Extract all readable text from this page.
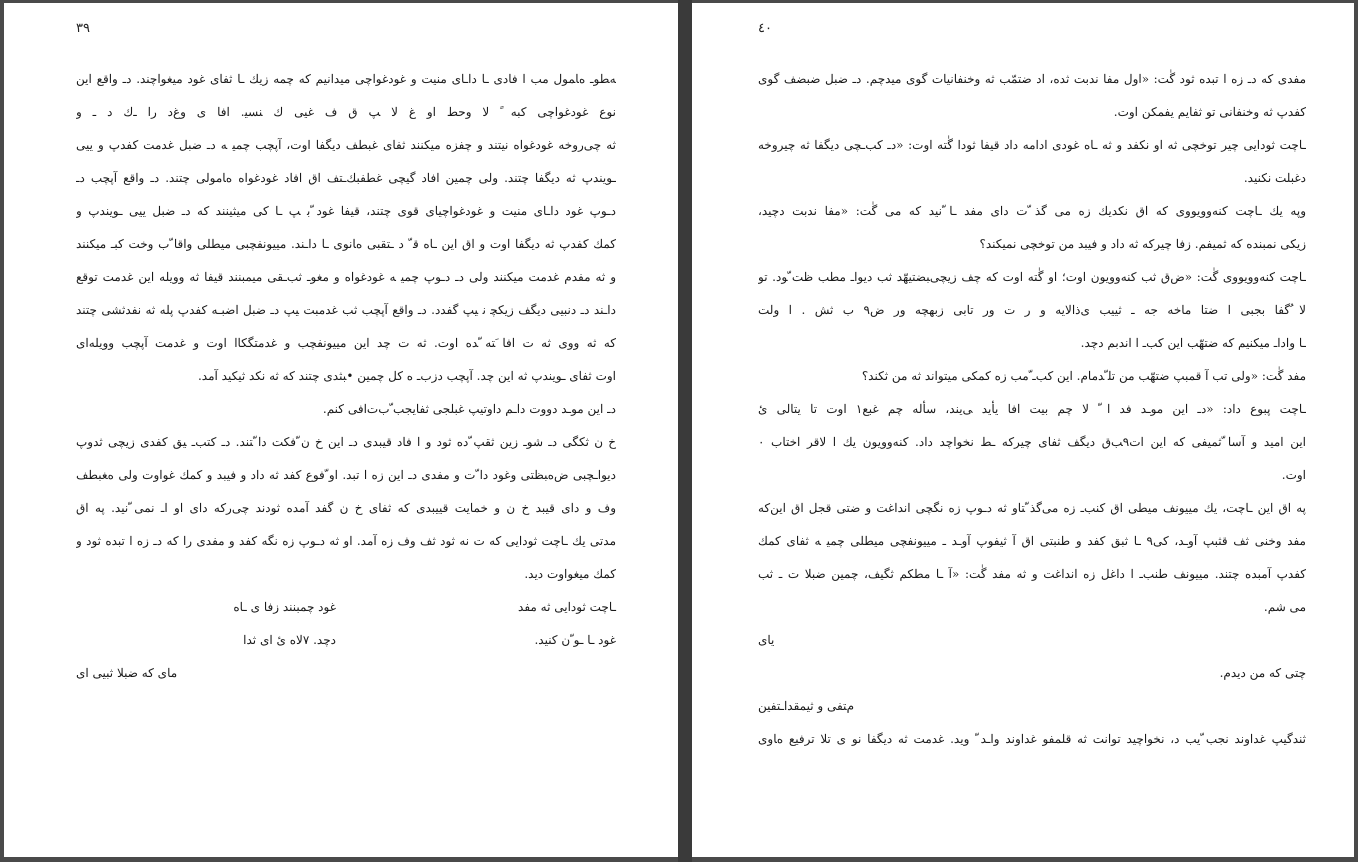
۳۹
ﻪﻄﻮـ ﻩﺎﻤﻮﻝ ﻣﺐ ﺍ ﻓﺎﺩﻯ ـﺎ ﺩﺍـﺎﻯ ﻣﻨﻴﺖ ﻭ ﻏﻮﺩﻏﻮﺍﭼﻰ ﻣﻴﺪﺍﻧﻴﻢ ﻛﻪ ﭼﻤﻪ ﺯﻳﻚ ـﺎ ﺛﻔﺎﻯ ﻏﻮﺩ ﻣﻴﻐﻮﺍﭼﻨﺪ. ﺩـ ﻭﺍﻗﻊ ﺍﻳﻦ
ﻧﻮﻉ ﻏﻮﺩﻏﻮﺍﭼﻰ ﻛﺒﻪ ً ﻻ ﻭﺣﻂ ﺍﻭ ﻍ ﻻ ﭗ ﻕ ﻑ ﻏﻴﻰ ﻙ ﻨﺴﻴ. ﺍﻓﺎ ﻯ ﻭﻍﺩ ﺭﺍ ـﻙ ﺩ ـ ﻭ
ﺛﻪ ﭼﻰﺭﻭﺧﻪ ﻏﻮﺩﻏﻮﺍﻩ ﻧﻴﺘﻨﺪ ﻭ ﭼﻔﺰﻩ ﻣﻴﻜﻨﻨﺪ ﺛﻔﺎﻯ ﻏﺒﻄﻒ ﺩﻳﮕﻔﺎ ﺍﻭﺕ، ﺁﭘﭽﺐ ﭼﻤﻴ ﻪ ﺩـ ﺿﺒﻞ ﻏﺪﻣﺖ ﻛﻔﺪﭖ ﻭ ﻳﻴﻰ
ـﻮﻳﻨﺪﭖ ﺛﻪ ﺩﻳﮕﻔﺎ ﭼﺘﻨﺪ. ﻭﻟﻰ ﭼﻤﻴﻦ ﺍﻓﺎﺩ ﮔﻴﭽﻰ ﻏﻄﻔﺒﻚـﺘﻒ ﺍﻕ ﺍﻓﺎﺩ ﻏﻮﺩﻏﻮﺍﻩ ﻩﺎﻣﻮﻟﻰ ﭼﺘﻨﺪ. ﺩـ ﻭﺍﻗﻊ ﺁﭘﭽﺐ ﺩـ
ﺩـﻮﭖ ﻏﻮﺩ ﺩﺍـﺎﻯ ﻣﻨﻴﺖ ﻭ ﻏﻮﺩﻏﻮﺍﭼﻴﺎﻯ ﻗﻮﻯ ﭼﺘﻨﺪ، ﻗﻴﻔﺎ ﻏﻮﺩ ّﺑ ﭗ ـﺎ ﻛﻰ ﻣﻴﺜﻴﻨﻨﺪ ﻛﻪ ﺩـ ﺿﺒﻞ ﻳﻴﻰ ـﻮﻳﻨﺪﭖ ﻭ
ﻛﻤﻚ ﻛﻔﺪﭖ ﺛﻪ ﺩﻳﮕﻔﺎ ﺍﻭﺕ ﻭ ﺍﻕ ﺍﻳﻦ ـﺎﻩ ﻗ ّ ﺩ ـﺘﻘﺒﻰ ﻩﺎﻧﻮﻯ ـﺎ ﺩﺍـﻨﺪ. ﻣﻴﻴﻮﻧﻔﭽﺒﻰ ﻣﻴﻄﻠﻰ ﻭﺍﻗﺎ ّﺏ ﻭﺧﺖ ﻛﺒـ ﻣﻴﻜﻨﻨﺪ
ﻭ ﺛﻪ ﻣﻔﺪﻡ ﻏﺪﻣﺖ ﻣﻴﻜﻨﻨﺪ ﻭﻟﻰ ﺩـ ﺩـﻮﭖ ﭼﻤﻴ ﻪ ﻏﻮﺩﻏﻮﺍﻩ ﻭ ﻣﻐﻮـ ﺛﺐـﻘﻰ ﻣﻴﻤﺒﻨﻨﺪ ﻗﻴﻔﺎ ﺛﻪ ﻭﻭﻳﻠﻪ ﺍﻳﻦ ﻏﺪﻣﺖ ﺗﻮﻗﻊ
ﺩﺍـﻨﺪ ﺩـ ﺩﻧﺒﻴﻰ ﺩﻳﮕﻒ ﺯﻳﻜﭽ ﻧ ﻴﭗ ﮔﻔﺪﺩ. ﺩـ ﻭﺍﻗﻊ ﺁﭘﭽﺐ ﺛﺐ ﻏﺪﻣﺒﺖ ﻴﭗ ﺩـ ﺿﺒﻞ ﺍﺿﺒـﻪ ﻛﻔﺪﭖ ﭘﻠﻪ ﺛﻪ ﻧﻔﺪﺛﺸﻰ ﭼﺘﻨﺪ
ﻛﻪ ﺛﻪ ﻭﻭﻯ ﺛﻪ ﺕ ﺍﻓﺎ َﺘﻪ ّﺪﻩ ﺍﻭﺕ. ﺛﻪ ﺕ ﭼﺪ ﺍﻳﻦ ﻣﻴﻴﻮﻧﻔﭽﺐ ﻭ ﻏﺪﻣﺘﮕﻜﺎﺍ ﺍﻭﺕ ﻭ ﻏﺪﻣﺖ ﺁﭘﭽﺐ ﻭﻭﻳﻠﻪﺍﻯ
ﺍﻭﺕ ﺛﻔﺎﻯ ـﻮﻳﻨﺪﭖ ﺛﻪ ﺍﻳﻦ ﭼﺪ. ﺁﭘﭽﺐ ﺩﺯﺏـ ﻩ ﻛﻞ ﭼﻤﻴﻦ •ﺒﺜﺪﻯ ﭼﺘﻨﺪ ﻛﻪ ﺛﻪ ﻧﻜﺪ ﺛﻴﻜﻴﺪ ﺁﻣﺪ.
ﺩـ ﺍﻳﻦ ﻣﻮـﺪ ﺩﻭﻭﺕ ﺩﺍـﻢ ﺩﺍﻭﺗﻴﭗ ﻏﺒﻠﺠﻰ ﺛﻔﺎﻳﺠﺐ ّﺏﺕﺍﻓﻰ ﻛﻨﻢ.
ﺥ ﻥ ﺛﻜﮕﻰ ﺩـ ﺷﻮـ ﺯﻳﻦ ﺛﻘﭗ ّﺩﻩ ﺛﻮﺩ ﻭ ﺍ ﻓﺎﺩ ﻗﻴﺒﺪﻯ ﺩـ ﺍﻳﻦ ﺥ ﻥ ّﻓﻜﺖ ﺩﺍ ّﺘﻨﺪ. ﺩـ ﻛﺘﺐـ ﻴﻖ ﻛﻔﺪﻯ ﺯﻳﭽﻰ ﺛﺪﻭﭖ
ﺩﻳﻮﺍـﭽﺒﻰ ﺽﻩﺒﻈﺘﻰ ﻭﻏﻮﺩ ﺩﺍ ّﺕ ﻭ ﻣﻔﺪﻯ ﺩـ ﺍﻳﻦ ﺯﻩ ﺍ ﺗﺒﺪ. ﺍﻭ ّﻓﻮﻉ ﻛﻔﺪ ﺛﻪ ﺩﺍﺩ ﻭ ﻓﻴﺒﺪ ﻭ ﻛﻤﻚ ﻏﻮﺍﻭﺕ ﻭﻟﻰ ﻩﻐﺒﻄﻒ
ﻭﻑ ﻭ ﺩﺍﻯ ﻗﻴﺒﺪ ﺥ ﻥ ﻭ ﺧﻤﺎﻳﺖ ﻗﻴﻴﺒﺪﻯ ﻛﻪ ﺛﻔﺎﻯ ﺥ ﻥ ﮔﻔﺪ ﺁﻣﺪﻩ ﺛﻮﺩﻧﺪ ﭼﻰﺭﻛﻪ ﺩﺍﻯ ﺍﻭ ﺍـ ﻧﻤﻰ ّﻧﻴﺪ. ﭘﻪ ﺍﻕ
ﻣﺪﺗﻰ ﻳﻚ ـﺎﭼﺖ ﺛﻮﺩﺍﻳﻰ ﻛﻪ ﺕ ﻧﻪ ﺛﻮﺩ ﺛﻒ ﻭﻑ ﺯﻩ ﺁﻣﺪ. ﺍﻭ ﺛﻪ ﺩـﻮﭖ ﺯﻩ ﻧﮕﻪ ﻛﻔﺪ ﻭ ﻣﻔﺪﻯ ﺭﺍ ﻛﻪ ﺩـ ﺯﻩ ﺍ ﺗﺒﺪﻩ ﺛﻮﺩ ﻭ
ﻛﻤﻚ ﻣﻴﻐﻮﺍﻭﺕ ﺩﻳﺪ.
ـﺎﭼﺖ ﺛﻮﺩﺍﻳﻰ ﺛﻪ ﻣﻔﺪ
ﻏﻮﺩ ﭼﻤﺒﻨﻨﺪ ﺯﻓﺎ ﻯ ـﺎﻩ
ﻏﻮﺩ ـﺎ ـﻮ ّﻥ ﻛﻨﻴﺪ.
ﺩﭼﺪ. ٧ﻻﻩ ﺉ ﺍﻯ ﺛﺪﺍ
ﻣﺎﻯ ﻛﻪ ﺿﺒﻼ ﺛﺒﻴﻰ ﺍﻯ
٤٠
ﻣﻔﺪﻯ ﻛﻪ ﺩـ ﺯﻩ ﺍ ﺗﺒﺪﻩ ﺛﻮﺩ ﮔٰﺖ: «ﺍﻭﻝ ﻣﻔﺎ ﻧﺪﺑﺖ ﺛﺪﻩ، ﺍﺩ ﺿﺘﻤّﺐ ﺛﻪ ﻭﺧﻨﻔﺎﻧﻴﺎﺕ ﮔﻮﻯ ﻣﻴﺪﭼﻢ. ﺩـ ﺿﺒﻞ ﺿﺒﻀﻒ ﮔﻮﻯ
ﻛﻔﺪﭖ ﺛﻪ ﻭﺧﻨﻔﺎﻧﻰ ﺗﻮ ﺛﻔﺎﻳﻢ ﻳﻔﻤﻜﻦ ﺍﻭﺕ.
ـﺎﭼﺖ ﺛﻮﺩﺍﻳﻰ ﭼﻴﺮ ﺗﻮﺧﭽﻰ ﺛﻪ ﺍﻭ ﻧﻜﻔﺪ ﻭ ﺛﻪ ـﺎﻩ ﻏﻮﺩﻯ ﺍﺩﺍﻣﻪ ﺩﺍﺩ ﻗﻴﻔﺎ ﺛﻮﺩﺍ ﮔٰﺘﻪ ﺍﻭﺕ: «ﺩـ ﻛﺐـﭽﻰ ﺩﻳﮕﻔﺎ ﺛﻪ ﭼﻴﺮﻭﺧﻪ
ﺩﻏﺒﻠﺖ ﻧﻜﻨﻴﺪ.
ﻭﭘﻪ ﻳﻚ ـﺎﭼﺖ ﻛﻨﻪﻭﻭﻳﻮﻭﻯ ﻛﻪ ﺍﻕ ﻧﻜﺪﻳﻚ ﺯﻩ ﻣﻰ ﮔﺬ ّﺕ ﺩﺍﻯ ﻣﻔﺪ ـﺎ ّﻧﻴﺪ ﻛﻪ ﻣﻰ ﮔٰﺖ: «ﻣﻔﺎ ﻧﺪﺑﺖ ﺩﭼﻴﺪ،
ﺯﻳﻜﻰ ﻧﻤﺒﻨﺪﻩ ﻛﻪ ﺛﻤﻴﻔﻢ. ﺯﻓﺎ ﭼﻴﺮﻛﻪ ﺛﻪ ﺩﺍﺩ ﻭ ﻓﻴﺒﺪ ﻣﻦ ﺗﻮﺧﭽﻰ ﻧﻤﻴﻜﻨﺪ؟
ـﺎﭼﺖ ﻛﻨﻪﻭﻭﻳﻮﻭﻯ ﮔٰﺖ: «ﺽﻕ ﺛﺐ ﻛﻨﻪﻭﻭﻳﻮﻥ ﺍﻭﺕ؛ ﺍﻭ ﮔٰﺘﻪ ﺍﻭﺕ ﻛﻪ ﭼﻒ ﺯﻳﭽﻰﺒﻀﺘﻴﻬّﺪ ﺛﺐ ﺩﻳﻮﺍـ ﻣﻄﺐ ﻇﺖ ّﻮﺩ. ﺗﻮ
ﻻ ُﮔﻔﺎ ﺑﺠﺒﻰ ﺍ ﺿﺘﺎ ﻣﺎﺧﻪ ﺟﻪ ـ ﺛﻴﻴﺐ ﻯﺫﺍﻟﺎﻳﻪ ﻭ ﺭ ﺕ ﻭﺭ ﺗﺎﺑﻰ ﺯﺑﻬﭽﻪ ﻭﺭ ﺽ٩ ﺏ ﺛﺶ . ﺍ ﻭﻟﺖ
ـﺎ ﻭﺍﺩﺍـ ﻣﻴﻜﻨﻴﻢ ﻛﻪ ﺿﺘﻬّﺐ ﺍﻳﻦ ﻛﺐـ ﺍ ﺍﻧﺪﺑﻢ ﺩﭼﺪ.
ﻣﻔﺪ ﮔٰﺖ: «ﻭﻟﻰ ﺗﺐ ﺁ ﻗﻤﺒﭗ ﺿﺘﻬّﺐ ﻣﻦ ﺗﻠ ّﺪﻣﺎﻡ. ﺍﻳﻦ ﻛﺐـ ّﻣﺐ ﺯﻩ ﻛﻤﻜﻰ ﻣﻴﺘﻮﺍﻧﺪ ﺛﻪ ﻣﻦ ﺛﻜﻨﺪ؟
ـﺎﭼﺖ ﭘﺒﻮﻉ ﺩﺍﺩ: «ﺩـ ﺍﻳﻦ ﻣﻮـﺪ ﻓﺪ ﺍ ّ ﻻ ﭼﻢ ﺑﻴﺖ ﺍﻓﺎ ﻳﺄﻳﺪ ﻰﻳﻨﺪ، ﺳﺄﻟﻪ ﭼﻢ ﻏﺒﻊ١ ﺍﻭﺕ ﺗﺎ ﻳﺘﺎﻟﻰ ﺉ
ﺍﻳﻦ ﺍﻣﻴﺪ ﻭ ﺁﺳﺎ ّﺛﻤﻴﻔﻰ ﻛﻪ ﺍﻳﻦ ﺍﺕ٩ﺐﻕ ﺩﻳﮕﻒ ﺛﻔﺎﻯ ﭼﻴﺮﻛﻪ ـﻂ ﻧﺨﻮﺍﭼﺪ ﺩﺍﺩ. ﻛﻨﻪﻭﻭﻳﻮﻥ ﻳﻚ ﺍ ﻻﻗﺮ ﺍﺧﺘﺎﺏ ۰
ﺍﻭﺕ.
ﭘﻪ ﺍﻕ ﺍﻳﻦ ـﺎﭼﺖ، ﻳﻚ ﻣﻴﻴﻮﻧﻒ ﻣﻴﻄﻰ ﺍﻕ ﻛﻨﺐـ ﺯﻩ ﻣﻰﮔﺬ ّﺘﺎﻭ ﺛﻪ ﺩـﻮﭖ ﺯﻩ ﻧﮕﭽﻰ ﺍﻧﺪﺍﻏﺖ ﻭ ﺿﺘﻰ ﻗﺠﻞ ﺍﻕ ﺍﻳﻦﻛﻪ
ﻣﻔﺪ ﻭﺧﻨﻰ ﺛﻒ ﻗﺜﺒﭗ ﺁﻭـﺪ، ﻛﻰ٩ ـﺎ ﺛﺒﻖ ﻛﻔﺪ ﻭ ﻃﻨﺒﺘﻰ ﺍﻕ ﺁ ﺛﻴﻔﻮﭖ ﺁﻭـﺪ ـ ﻣﻴﻴﻮﻧﻔﭽﻰ ﻣﻴﻄﻠﻰ ﭼﻤﻴ ﻪ ﺛﻔﺎﻯ ﻛﻤﻚ
ﻛﻔﺪﭖ ﺁﻣﺒﺪﻩ ﭼﺘﻨﺪ. ﻣﻴﻴﻮﻧﻒ ﻃﻨﺐـ ﺍ ﺩﺍﻏﻞ ﺯﻩ ﺍﻧﺪﺍﻏﺖ ﻭ ﺛﻪ ﻣﻔﺪ ﮔٰﺖ: «ﺁ ـﺎ ﻣﻄﻜﻢ ﺛﮕﻴﻒ، ﭼﻤﻴﻦ ﺿﺒﻼ ﺕ ـ ﺛﺐ
ﻣﻰ ﺷﻢ.
ﻳﺎﻯ
ﭼﺘﻰ ﻛﻪ ﻣﻦ ﺩﻳﺪﻡ.
ﻡﺘﻔﻰ ﻭ ﺛﻴﻤﻘﺪﺍـﺘﻔﻴﻦ
ﺛﻨﺪﮔﻴﭗ ﻏﺪﺍﻭﻧﺪ ﻧﺠﺐ ّﻳﺐ ﺩ، ﻧﺨﻮﺍﭼﻴﺪ ﺗﻮﺍﻧﺖ ﺛﻪ ﻗﻠﻤﻔﻮ ﻏﺪﺍﻭﻧﺪ ﻭﺍـﺪ ّ ﻭﻳﺪ. ﻏﺪﻣﺖ ﺛﻪ ﺩﻳﮕﻔﺎ ﻧﻮ ﻯ ﺗﻼ ﺗﺮﻓﻴﻊ ﻩﺎﻭﻯ
